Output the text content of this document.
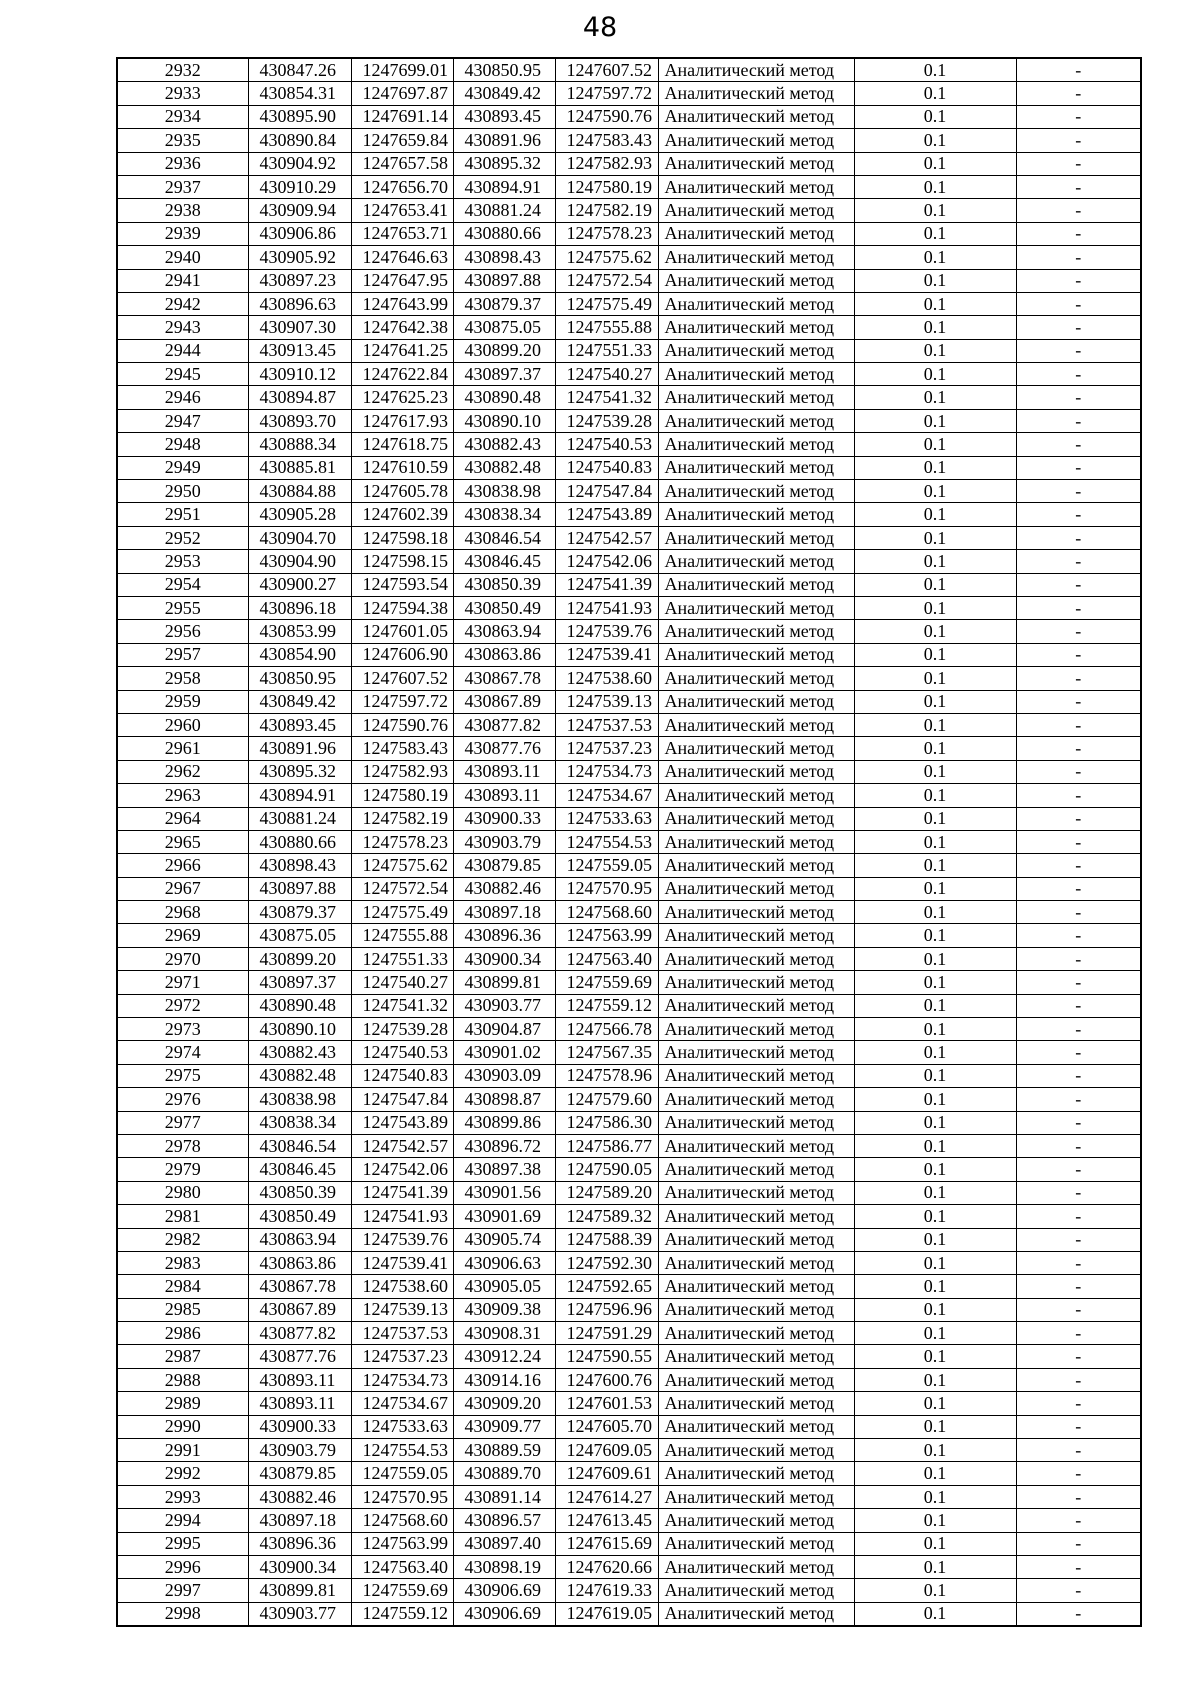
48
2932	430847.26	1247699.01	430850.95	1247607.52	Аналитический метод	0.1	-
2933	430854.31	1247697.87	430849.42	1247597.72	Аналитический метод	0.1	-
2934	430895.90	1247691.14	430893.45	1247590.76	Аналитический метод	0.1	-
2935	430890.84	1247659.84	430891.96	1247583.43	Аналитический метод	0.1	-
2936	430904.92	1247657.58	430895.32	1247582.93	Аналитический метод	0.1	-
2937	430910.29	1247656.70	430894.91	1247580.19	Аналитический метод	0.1	-
2938	430909.94	1247653.41	430881.24	1247582.19	Аналитический метод	0.1	-
2939	430906.86	1247653.71	430880.66	1247578.23	Аналитический метод	0.1	-
2940	430905.92	1247646.63	430898.43	1247575.62	Аналитический метод	0.1	-
2941	430897.23	1247647.95	430897.88	1247572.54	Аналитический метод	0.1	-
2942	430896.63	1247643.99	430879.37	1247575.49	Аналитический метод	0.1	-
2943	430907.30	1247642.38	430875.05	1247555.88	Аналитический метод	0.1	-
2944	430913.45	1247641.25	430899.20	1247551.33	Аналитический метод	0.1	-
2945	430910.12	1247622.84	430897.37	1247540.27	Аналитический метод	0.1	-
2946	430894.87	1247625.23	430890.48	1247541.32	Аналитический метод	0.1	-
2947	430893.70	1247617.93	430890.10	1247539.28	Аналитический метод	0.1	-
2948	430888.34	1247618.75	430882.43	1247540.53	Аналитический метод	0.1	-
2949	430885.81	1247610.59	430882.48	1247540.83	Аналитический метод	0.1	-
2950	430884.88	1247605.78	430838.98	1247547.84	Аналитический метод	0.1	-
2951	430905.28	1247602.39	430838.34	1247543.89	Аналитический метод	0.1	-
2952	430904.70	1247598.18	430846.54	1247542.57	Аналитический метод	0.1	-
2953	430904.90	1247598.15	430846.45	1247542.06	Аналитический метод	0.1	-
2954	430900.27	1247593.54	430850.39	1247541.39	Аналитический метод	0.1	-
2955	430896.18	1247594.38	430850.49	1247541.93	Аналитический метод	0.1	-
2956	430853.99	1247601.05	430863.94	1247539.76	Аналитический метод	0.1	-
2957	430854.90	1247606.90	430863.86	1247539.41	Аналитический метод	0.1	-
2958	430850.95	1247607.52	430867.78	1247538.60	Аналитический метод	0.1	-
2959	430849.42	1247597.72	430867.89	1247539.13	Аналитический метод	0.1	-
2960	430893.45	1247590.76	430877.82	1247537.53	Аналитический метод	0.1	-
2961	430891.96	1247583.43	430877.76	1247537.23	Аналитический метод	0.1	-
2962	430895.32	1247582.93	430893.11	1247534.73	Аналитический метод	0.1	-
2963	430894.91	1247580.19	430893.11	1247534.67	Аналитический метод	0.1	-
2964	430881.24	1247582.19	430900.33	1247533.63	Аналитический метод	0.1	-
2965	430880.66	1247578.23	430903.79	1247554.53	Аналитический метод	0.1	-
2966	430898.43	1247575.62	430879.85	1247559.05	Аналитический метод	0.1	-
2967	430897.88	1247572.54	430882.46	1247570.95	Аналитический метод	0.1	-
2968	430879.37	1247575.49	430897.18	1247568.60	Аналитический метод	0.1	-
2969	430875.05	1247555.88	430896.36	1247563.99	Аналитический метод	0.1	-
2970	430899.20	1247551.33	430900.34	1247563.40	Аналитический метод	0.1	-
2971	430897.37	1247540.27	430899.81	1247559.69	Аналитический метод	0.1	-
2972	430890.48	1247541.32	430903.77	1247559.12	Аналитический метод	0.1	-
2973	430890.10	1247539.28	430904.87	1247566.78	Аналитический метод	0.1	-
2974	430882.43	1247540.53	430901.02	1247567.35	Аналитический метод	0.1	-
2975	430882.48	1247540.83	430903.09	1247578.96	Аналитический метод	0.1	-
2976	430838.98	1247547.84	430898.87	1247579.60	Аналитический метод	0.1	-
2977	430838.34	1247543.89	430899.86	1247586.30	Аналитический метод	0.1	-
2978	430846.54	1247542.57	430896.72	1247586.77	Аналитический метод	0.1	-
2979	430846.45	1247542.06	430897.38	1247590.05	Аналитический метод	0.1	-
2980	430850.39	1247541.39	430901.56	1247589.20	Аналитический метод	0.1	-
2981	430850.49	1247541.93	430901.69	1247589.32	Аналитический метод	0.1	-
2982	430863.94	1247539.76	430905.74	1247588.39	Аналитический метод	0.1	-
2983	430863.86	1247539.41	430906.63	1247592.30	Аналитический метод	0.1	-
2984	430867.78	1247538.60	430905.05	1247592.65	Аналитический метод	0.1	-
2985	430867.89	1247539.13	430909.38	1247596.96	Аналитический метод	0.1	-
2986	430877.82	1247537.53	430908.31	1247591.29	Аналитический метод	0.1	-
2987	430877.76	1247537.23	430912.24	1247590.55	Аналитический метод	0.1	-
2988	430893.11	1247534.73	430914.16	1247600.76	Аналитический метод	0.1	-
2989	430893.11	1247534.67	430909.20	1247601.53	Аналитический метод	0.1	-
2990	430900.33	1247533.63	430909.77	1247605.70	Аналитический метод	0.1	-
2991	430903.79	1247554.53	430889.59	1247609.05	Аналитический метод	0.1	-
2992	430879.85	1247559.05	430889.70	1247609.61	Аналитический метод	0.1	-
2993	430882.46	1247570.95	430891.14	1247614.27	Аналитический метод	0.1	-
2994	430897.18	1247568.60	430896.57	1247613.45	Аналитический метод	0.1	-
2995	430896.36	1247563.99	430897.40	1247615.69	Аналитический метод	0.1	-
2996	430900.34	1247563.40	430898.19	1247620.66	Аналитический метод	0.1	-
2997	430899.81	1247559.69	430906.69	1247619.33	Аналитический метод	0.1	-
2998	430903.77	1247559.12	430906.69	1247619.05	Аналитический метод	0.1	-
